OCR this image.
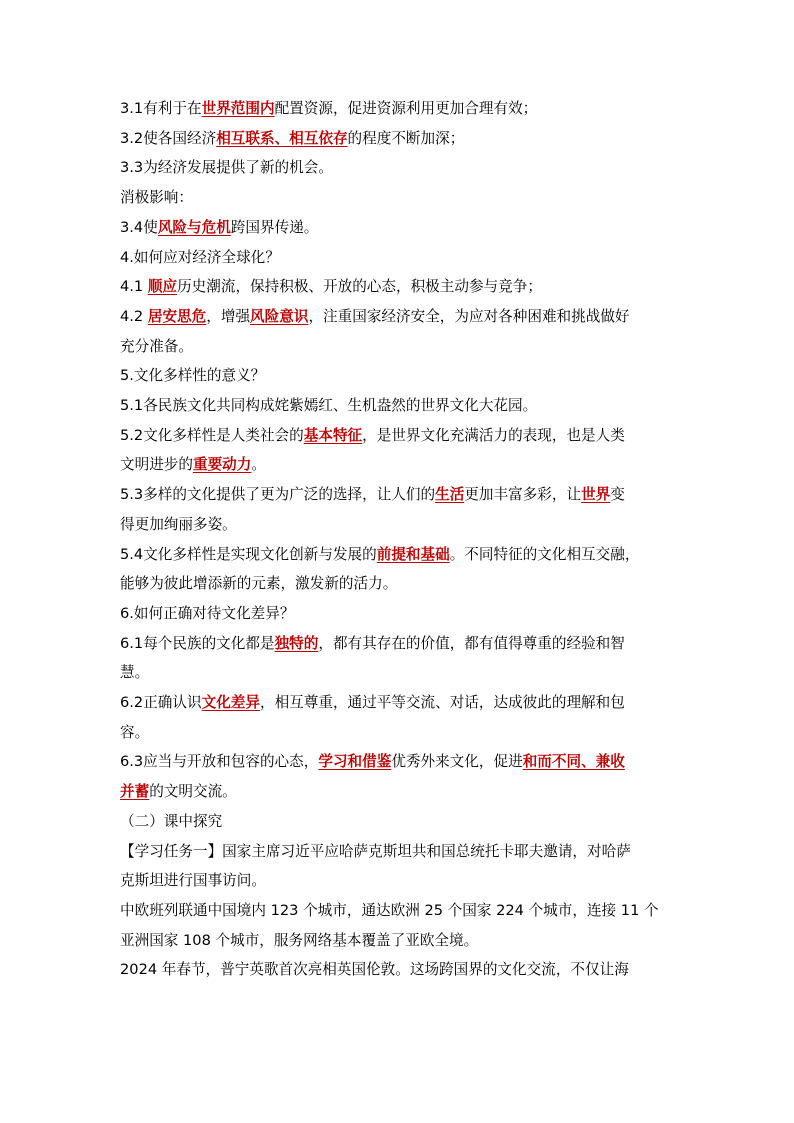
3.1有利于在世界范围内配置资源，促进资源利用更加合理有效；
3.2使各国经济相互联系、相互依存的程度不断加深；
3.3为经济发展提供了新的机会。
消极影响：
3.4使风险与危机跨国界传递。
4.如何应对经济全球化？
4.1 顺应历史潮流，保持积极、开放的心态，积极主动参与竞争；
4.2 居安思危，增强风险意识，注重国家经济安全，为应对各种困难和挑战做好
充分准备。
5.文化多样性的意义？
5.1各民族文化共同构成姹紫嫣红、生机盎然的世界文化大花园。
5.2文化多样性是人类社会的基本特征，是世界文化充满活力的表现，也是人类
文明进步的重要动力。
5.3多样的文化提供了更为广泛的选择，让人们的生活更加丰富多彩，让世界变
得更加绚丽多姿。
5.4文化多样性是实现文化创新与发展的前提和基础。不同特征的文化相互交融，
能够为彼此增添新的元素，激发新的活力。
6.如何正确对待文化差异？
6.1每个民族的文化都是独特的，都有其存在的价值，都有值得尊重的经验和智
慧。
6.2正确认识文化差异，相互尊重，通过平等交流、对话，达成彼此的理解和包
容。
6.3应当与开放和包容的心态，学习和借鉴优秀外来文化，促进和而不同、兼收
并蓄的文明交流。
（二）课中探究
【学习任务一】国家主席习近平应哈萨克斯坦共和国总统托卡耶夫邀请，对哈萨
克斯坦进行国事访问。
中欧班列联通中国境内 123 个城市，通达欧洲 25 个国家 224 个城市，连接 11 个
亚洲国家 108 个城市，服务网络基本覆盖了亚欧全境。
2024 年春节，普宁英歌首次亮相英国伦敦。这场跨国界的文化交流，不仅让海
